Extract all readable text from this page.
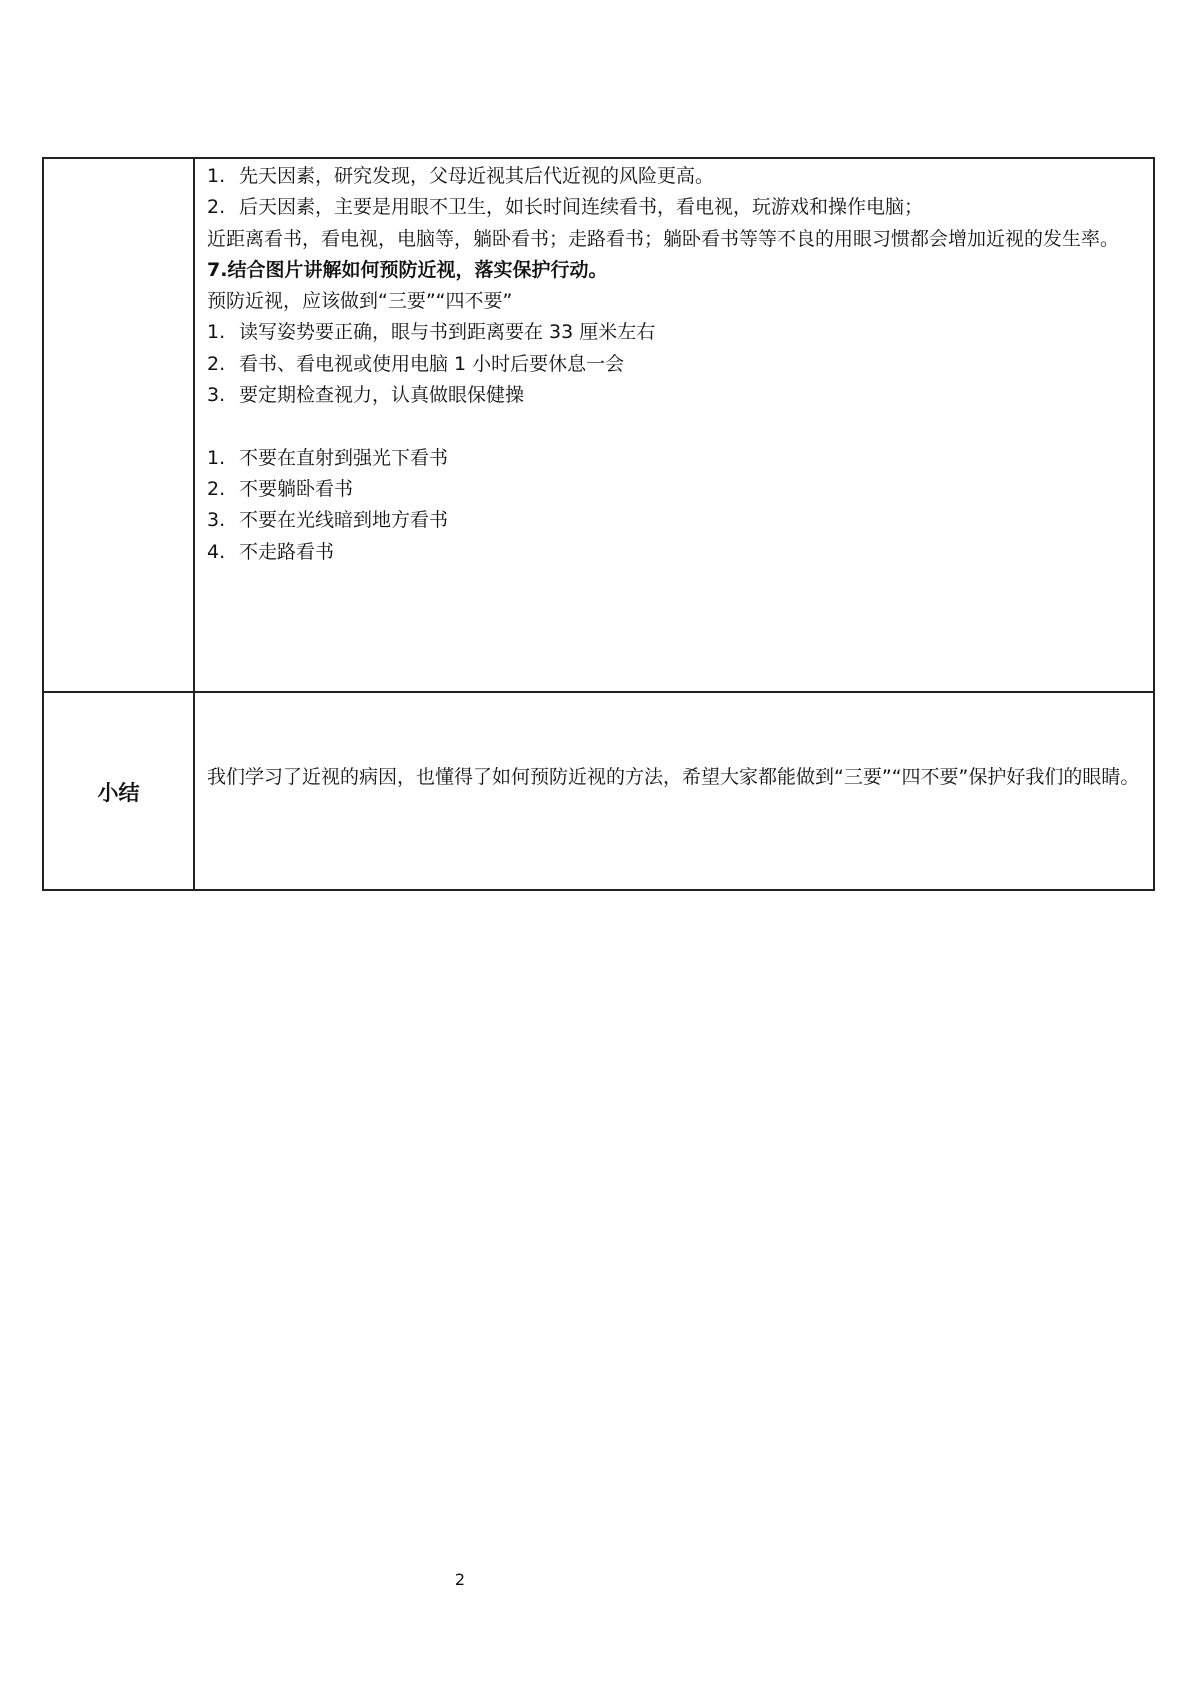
1. 先天因素，研究发现，父母近视其后代近视的风险更高。
2. 后天因素，主要是用眼不卫生，如长时间连续看书，看电视，玩游戏和操作电脑；
近距离看书，看电视，电脑等，躺卧看书；走路看书；躺卧看书等等不良的用眼习惯都会增加近视的发生率。
7.结合图片讲解如何预防近视，落实保护行动。
预防近视，应该做到“三要”“四不要”
1. 读写姿势要正确，眼与书到距离要在 33 厘米左右
2. 看书、看电视或使用电脑 1 小时后要休息一会
3. 要定期检查视力，认真做眼保健操
1. 不要在直射到强光下看书
2. 不要躺卧看书
3. 不要在光线暗到地方看书
4. 不走路看书
小结
我们学习了近视的病因，也懂得了如何预防近视的方法，希望大家都能做到“三要”“四不要”保护好我们的眼睛。
2
